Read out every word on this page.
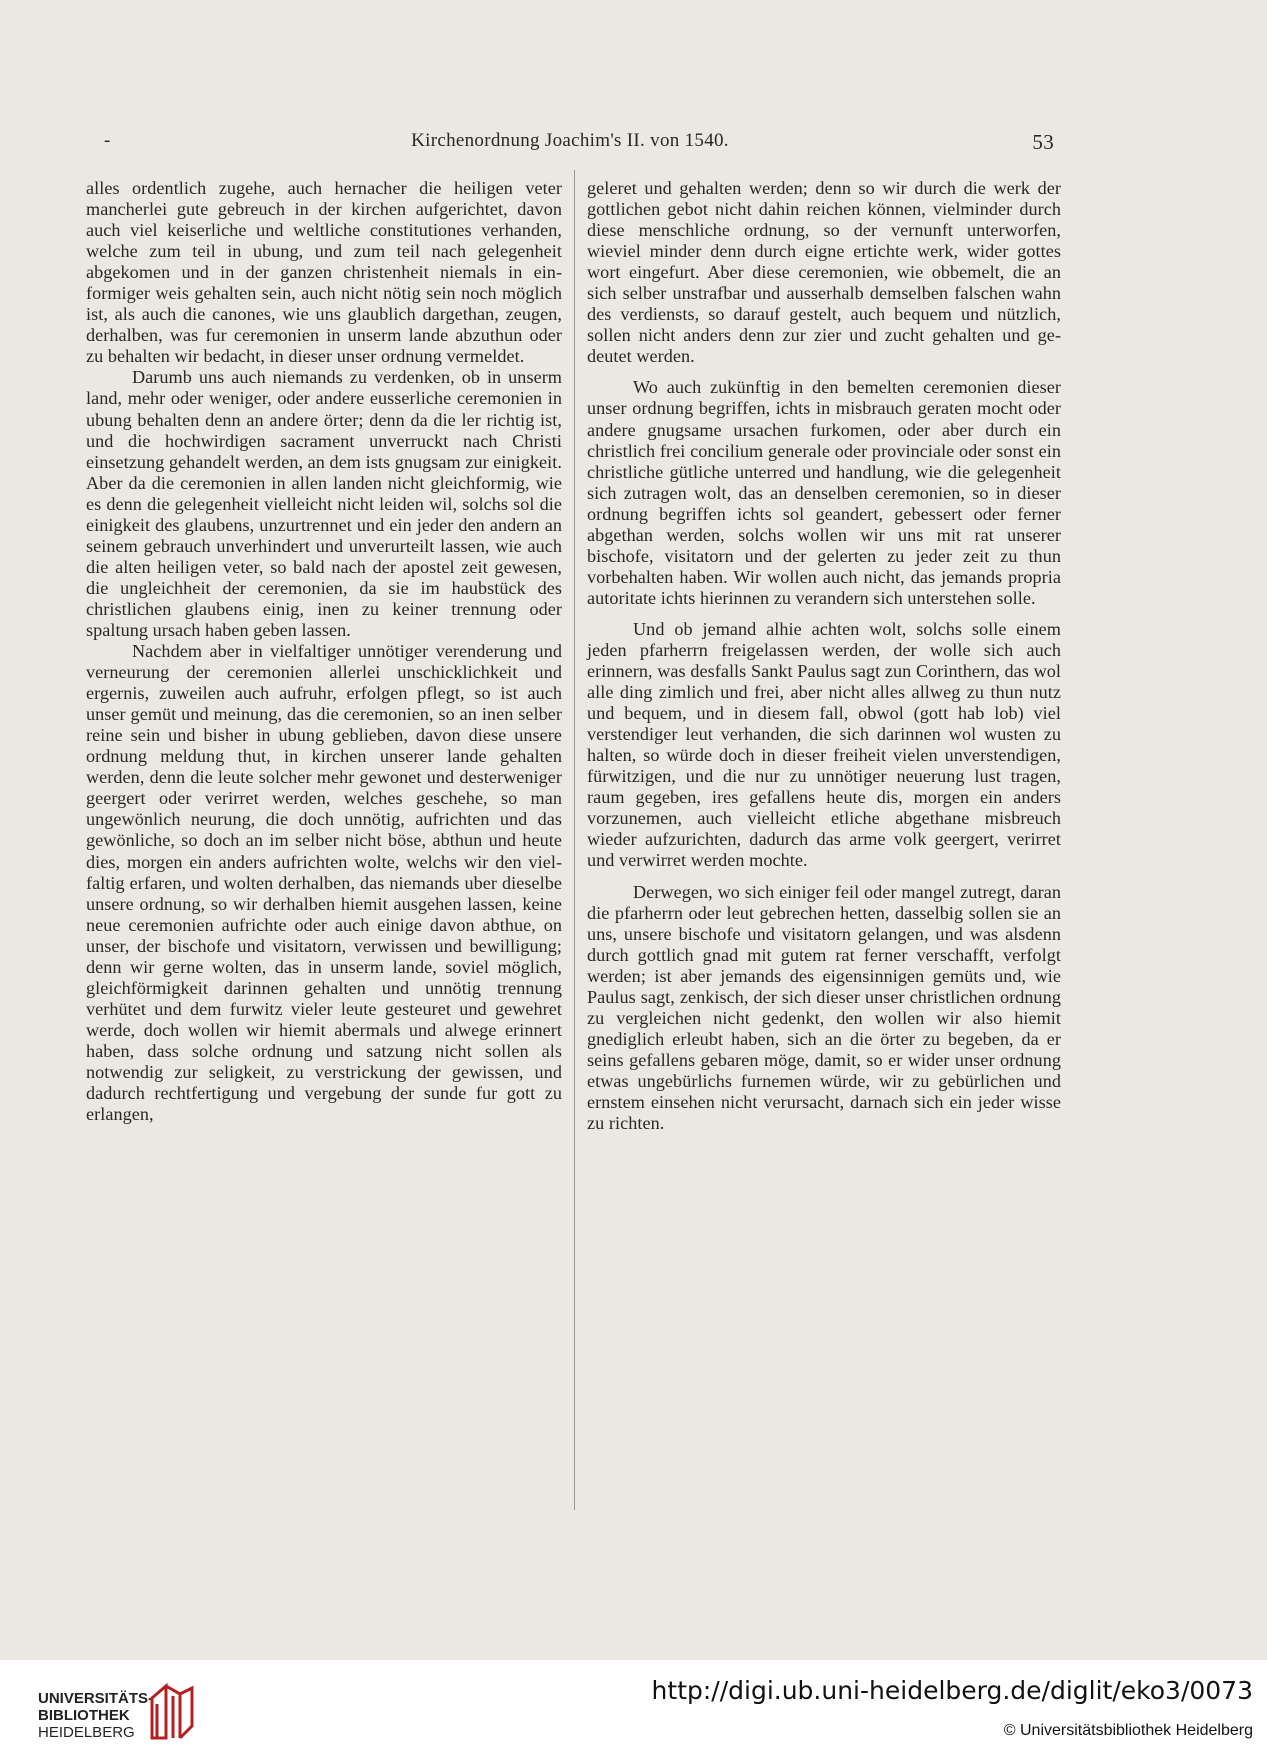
-	Kirchenordnung Joachim's II. von 1540.	53

alles ordentlich zugehe, auch hernacher die heiligen veter mancherlei gute gebreuch in der kirchen aufgerichtet, davon auch viel keiserliche und weltliche constitutiones verhanden, welche zum teil in ubung, und zum teil nach gelegenheit abgekomen und in der ganzen christenheit niemals in einformiger weis gehalten sein, auch nicht nötig sein noch möglich ist, als auch die canones, wie uns glaublich dargethan, zeugen, derhalben, was fur ceremonien in unserm lande abzuthun oder zu behalten wir bedacht, in dieser unser ordnung vermeldet.

Darumb uns auch niemands zu verdenken, ob in unserm land, mehr oder weniger, oder andere eusserliche ceremonien in ubung behalten denn an andere örter; denn da die ler richtig ist, und die hochwirdigen sacrament unverruckt nach Christi einsetzung gehandelt werden, an dem ists gnugsam zur einigkeit. Aber da die ceremonien in allen landen nicht gleichformig, wie es denn die gelegenheit vielleicht nicht leiden wil, solchs sol die einigkeit des glaubens, unzurtrennet und ein jeder den andern an seinem gebrauch unverhindert und unverurteilt lassen, wie auch die alten heiligen veter, so bald nach der apostel zeit gewesen, die ungleichheit der ceremonien, da sie im haubstück des christlichen glaubens einig, inen zu keiner trennung oder spaltung ursach haben geben lassen.

Nachdem aber in vielfaltiger unnötiger verenderung und verneurung der ceremonien allerlei unschicklichkeit und ergernis, zuweilen auch aufruhr, erfolgen pflegt, so ist auch unser gemüt und meinung, das die ceremonien, so an inen selber reine sein und bisher in ubung geblieben, davon diese unsere ordnung meldung thut, in kirchen unserer lande gehalten werden, denn die leute solcher mehr gewonet und desterweniger geergert oder verirret werden, welches geschehe, so man ungewönlich neurung, die doch unnötig, aufrichten und das gewönliche, so doch an im selber nicht böse, abthun und heute dies, morgen ein anders aufrichten wolte, welchs wir den vielfaltig erfaren, und wolten derhalben, das niemands uber dieselbe unsere ordnung, so wir derhalben hiemit ausgehen lassen, keine neue ceremonien aufrichte oder auch einige davon abthue, on unser, der bischofe und visitatorn, verwissen und bewilligung; denn wir gerne wolten, das in unserm lande, soviel möglich, gleichförmigkeit darinnen gehalten und unnötig trennung verhütet und dem furwitz vieler leute gesteuret und gewehret werde, doch wollen wir hiemit abermals und alwege erinnert haben, dass solche ordnung und satzung nicht sollen als notwendig zur seligkeit, zu verstrickung der gewissen, und dadurch rechtfertigung und vergebung der sunde fur gott zu erlangen,

geleret und gehalten werden; denn so wir durch die werk der gottlichen gebot nicht dahin reichen können, vielminder durch diese menschliche ordnung, so der vernunft unterworfen, wieviel minder denn durch eigne ertichte werk, wider gottes wort eingefurt. Aber diese ceremonien, wie obbemelt, die an sich selber unstrafbar und ausserhalb demselben falschen wahn des verdiensts, so darauf gestelt, auch bequem und nützlich, sollen nicht anders denn zur zier und zucht gehalten und gedeutet werden.

Wo auch zukünftig in den bemelten ceremonien dieser unser ordnung begriffen, ichts in misbrauch geraten mocht oder andere gnugsame ursachen furkomen, oder aber durch ein christlich frei concilium generale oder provinciale oder sonst ein christliche gütliche unterred und handlung, wie die gelegenheit sich zutragen wolt, das an denselben ceremonien, so in dieser ordnung begriffen ichts sol geandert, gebessert oder ferner abgethan werden, solchs wollen wir uns mit rat unserer bischofe, visitatorn und der gelerten zu jeder zeit zu thun vorbehalten haben. Wir wollen auch nicht, das jemands propria autoritate ichts hierinnen zu verandern sich unterstehen solle.

Und ob jemand alhie achten wolt, solchs solle einem jeden pfarherrn freigelassen werden, der wolle sich auch erinnern, was desfalls Sankt Paulus sagt zun Corinthern, das wol alle ding zimlich und frei, aber nicht alles allweg zu thun nutz und bequem, und in diesem fall, obwol (gott hab lob) viel verstendiger leut verhanden, die sich darinnen wol wusten zu halten, so würde doch in dieser freiheit vielen unverstendigen, fürwitzigen, und die nur zu unnötiger neuerung lust tragen, raum gegeben, ires gefallens heute dis, morgen ein anders vorzunemen, auch vielleicht etliche abgethane misbreuch wieder aufzurichten, dadurch das arme volk geergert, verirret und verwirret werden mochte.

Derwegen, wo sich einiger feil oder mangel zutregt, daran die pfarherrn oder leut gebrechen hetten, dasselbig sollen sie an uns, unsere bischofe und visitatorn gelangen, und was alsdenn durch gottlich gnad mit gutem rat ferner verschafft, verfolgt werden; ist aber jemands des eigensinnigen gemüts und, wie Paulus sagt, zenkisch, der sich dieser unser christlichen ordnung zu vergleichen nicht gedenkt, den wollen wir also hiemit gnediglich erleubt haben, sich an die örter zu begeben, da er seins gefallens gebaren möge, damit, so er wider unser ordnung etwas ungebürlichs furnemen würde, wir zu gebürlichen und ernstem einsehen nicht verursacht, darnach sich ein jeder wisse zu richten.

UNIVERSITÄTS-
BIBLIOTHEK
HEIDELBERG
http://digi.ub.uni-heidelberg.de/diglit/eko3/0073
© Universitätsbibliothek Heidelberg
